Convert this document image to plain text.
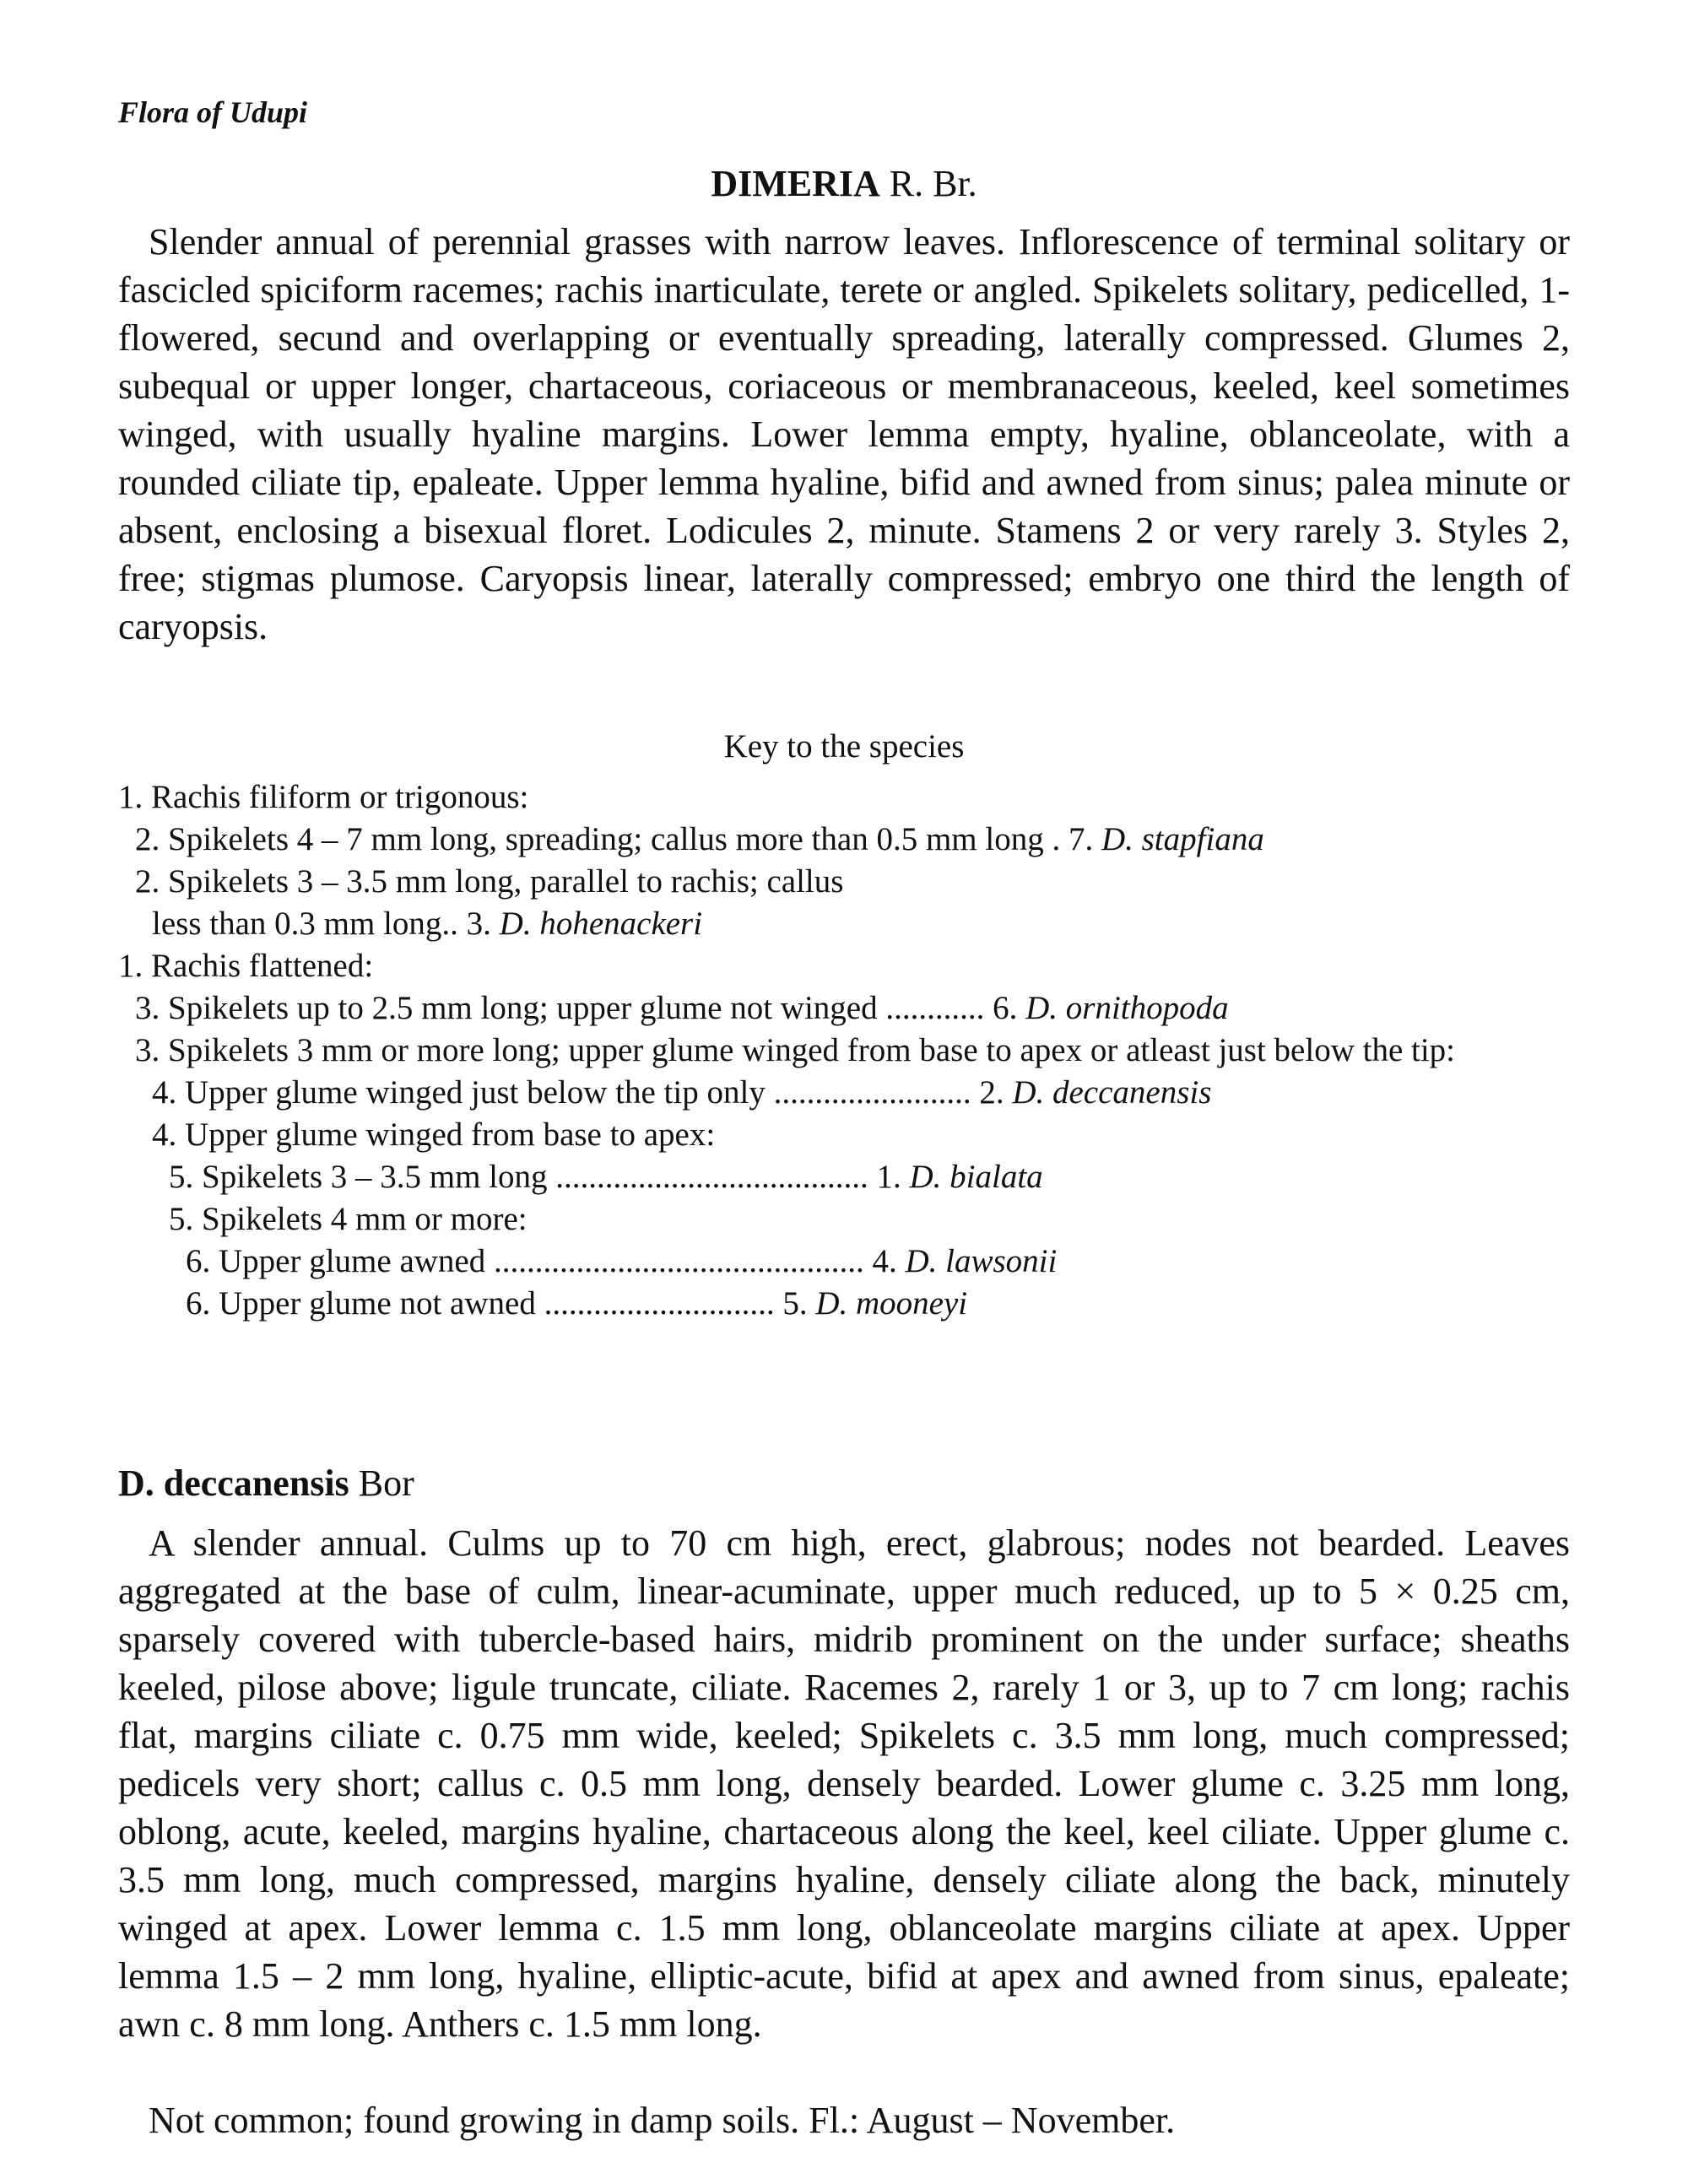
Flora of Udupi
DIMERIA R. Br.

Slender annual of perennial grasses with narrow leaves. Inflorescence of terminal solitary or fascicled spiciform racemes; rachis inarticulate, terete or angled. Spikelets solitary, pedicelled, 1-flowered, secund and overlapping or eventually spreading, laterally compressed. Glumes 2, subequal or upper longer, chartaceous, coriaceous or membranaceous, keeled, keel sometimes winged, with usually hyaline margins. Lower lemma empty, hyaline, oblanceolate, with a rounded ciliate tip, epaleate. Upper lemma hyaline, bifid and awned from sinus; palea minute or absent, enclosing a bisexual floret. Lodicules 2, minute. Stamens 2 or very rarely 3. Styles 2, free; stigmas plumose. Caryopsis linear, laterally compressed; embryo one third the length of caryopsis.

Key to the species
1. Rachis filiform or trigonous:
2. Spikelets 4 – 7 mm long, spreading; callus more than 0.5 mm long . 7. D. stapfiana
2. Spikelets 3 – 3.5 mm long, parallel to rachis; callus
less than 0.3 mm long.. 3. D. hohenackeri
1. Rachis flattened:
3. Spikelets up to 2.5 mm long; upper glume not winged ............ 6. D. ornithopoda
3. Spikelets 3 mm or more long; upper glume winged from base to apex or atleast just below the tip:
4. Upper glume winged just below the tip only ........................ 2. D. deccanensis
4. Upper glume winged from base to apex:
5. Spikelets 3 – 3.5 mm long ...................................... 1. D. bialata
5. Spikelets 4 mm or more:
6. Upper glume awned ............................................. 4. D. lawsonii
6. Upper glume not awned ............................ 5. D. mooneyi
D. deccanensis Bor

A slender annual. Culms up to 70 cm high, erect, glabrous; nodes not bearded. Leaves aggregated at the base of culm, linear-acuminate, upper much reduced, up to 5 × 0.25 cm, sparsely covered with tubercle-based hairs, midrib prominent on the under surface; sheaths keeled, pilose above; ligule truncate, ciliate. Racemes 2, rarely 1 or 3, up to 7 cm long; rachis flat, margins ciliate c. 0.75 mm wide, keeled; Spikelets c. 3.5 mm long, much compressed; pedicels very short; callus c. 0.5 mm long, densely bearded. Lower glume c. 3.25 mm long, oblong, acute, keeled, margins hyaline, chartaceous along the keel, keel ciliate. Upper glume c. 3.5 mm long, much compressed, margins hyaline, densely ciliate along the back, minutely winged at apex. Lower lemma c. 1.5 mm long, oblanceolate margins ciliate at apex. Upper lemma 1.5 – 2 mm long, hyaline, elliptic-acute, bifid at apex and awned from sinus, epaleate; awn c. 8 mm long. Anthers c. 1.5 mm long.

Not common; found growing in damp soils. Fl.: August – November.
